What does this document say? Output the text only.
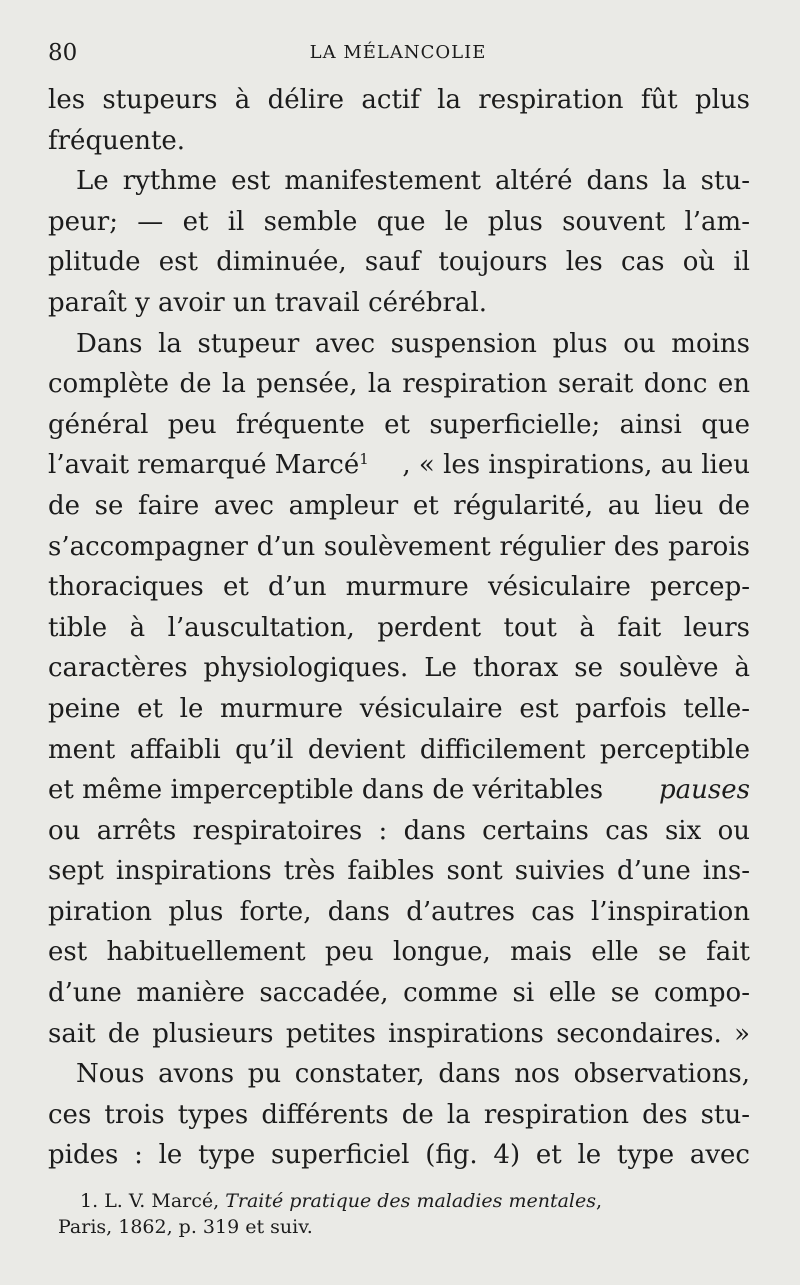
80	LA MÉLANCOLIE
les stupeurs à délire actif la respiration fût plus
fréquente.
Le rythme est manifestement altéré dans la stu-
peur; — et il semble que le plus souvent l’am-
plitude est diminuée, sauf toujours les cas où il
paraît y avoir un travail cérébral.
Dans la stupeur avec suspension plus ou moins
complète de la pensée, la respiration serait donc en
général peu fréquente et superficielle; ainsi que
l’avait remarqué Marcé$^1$ , « les inspirations, au lieu
de se faire avec ampleur et régularité, au lieu de
s’accompagner d’un soulèvement régulier des parois
thoraciques et d’un murmure vésiculaire percep-
tible à l’auscultation, perdent tout à fait leurs
caractères physiologiques. Le thorax se soulève à
peine et le murmure vésiculaire est parfois telle-
ment affaibli qu’il devient difficilement perceptible
et même imperceptible dans de véritables pauses
ou arrêts respiratoires : dans certains cas six ou
sept inspirations très faibles sont suivies d’une ins-
piration plus forte, dans d’autres cas l’inspiration
est habituellement peu longue, mais elle se fait
d’une manière saccadée, comme si elle se compo-
sait de plusieurs petites inspirations secondaires. »
Nous avons pu constater, dans nos observations,
ces trois types différents de la respiration des stu-
pides : le type superficiel (fig. 4) et le type avec
1. L. V. Marcé, Traité pratique des maladies mentales,
Paris, 1862, p. 319 et suiv.
